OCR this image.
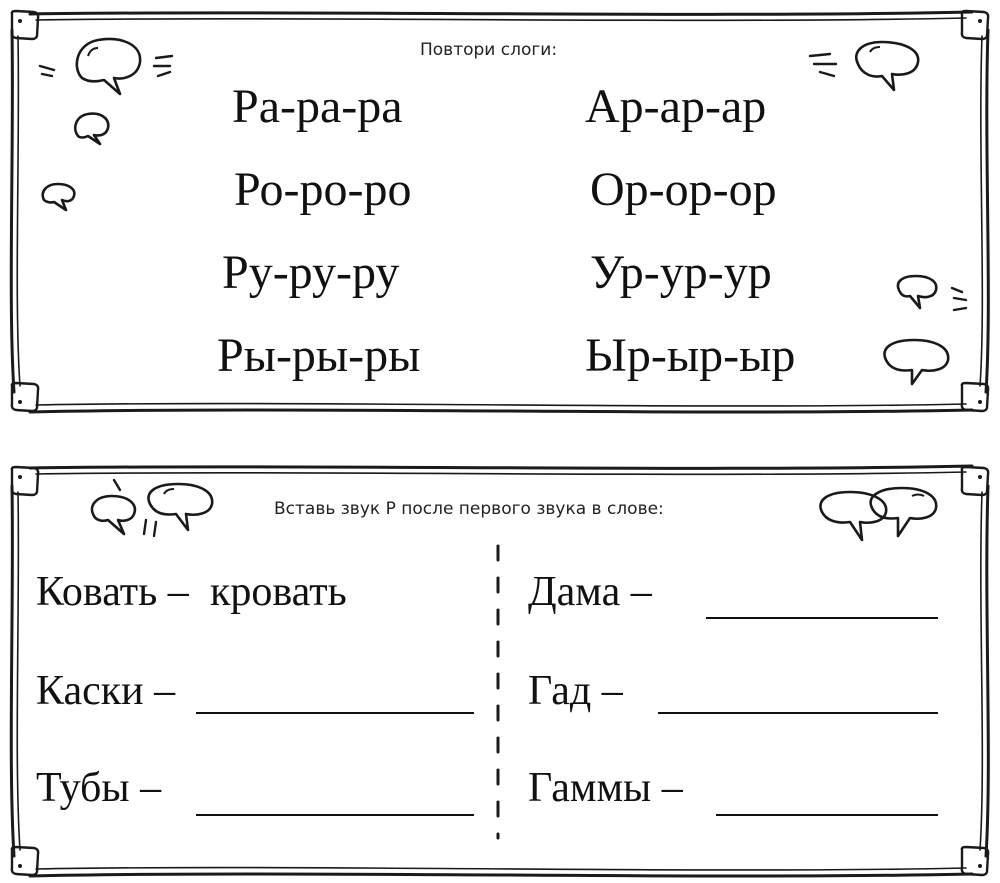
Повтори слоги:
Ра-ра-ра
Ро-ро-ро
Ру-ру-ру
Ры-ры-ры
Ар-ар-ар
Ор-ор-ор
Ур-ур-ур
Ыр-ыр-ыр
Вставь звук Р после первого звука в слове:
Ковать – кровать
Каски –
Тубы –
Дама –
Гад –
Гаммы –
